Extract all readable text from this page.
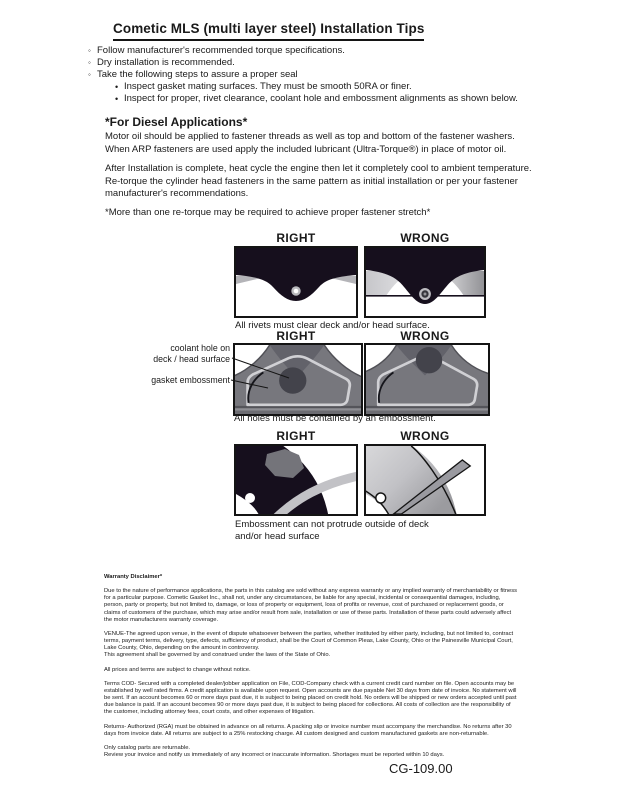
Cometic MLS (multi layer steel) Installation Tips
◦ Follow manufacturer's recommended torque specifications.
◦ Dry installation is recommended.
◦ Take the following steps to assure a proper seal
• Inspect gasket mating surfaces. They must be smooth 50RA or finer.
• Inspect for proper, rivet clearance, coolant hole and embossment alignments as shown below.
*For Diesel Applications*
Motor oil should be applied to fastener threads as well as top and bottom of the fastener washers. When ARP fasteners are used apply the included lubricant (Ultra-Torque®) in place of motor oil.
After Installation is complete, heat cycle the engine then let it completely cool to ambient temperature. Re-torque the cylinder head fasteners in the same pattern as initial installation or per your fastener manufacturer's recommendations.
*More than one re-torque may be required to achieve proper fastener stretch*
RIGHT	WRONG
All rivets must clear deck and/or head surface.
RIGHT	WRONG
coolant hole on
deck / head surface
gasket embossment
All holes must be contained by an embossment.
RIGHT	WRONG
Embossment can not protrude outside of deck
and/or head surface

Warranty Disclaimer*

Due to the nature of performance applications, the parts in this catalog are sold without any express warranty or any implied warranty of merchantability or fitness for a particular purpose. Cometic Gasket Inc., shall not, under any circumstances, be liable for any special, incidental or consequential damages, including, person, party or property, but not limited to, damage, or loss of property or equipment, loss of profits or revenue, cost of purchased or replacement goods, or claims of customers of the purchase, which may arise and/or result from sale, installation or use of these parts. Installation of these parts could adversely affect the motor manufacturers warranty coverage.

VENUE-The agreed upon venue, in the event of dispute whatsoever between the parties, whether instituted by either party, including, but not limited to, contract terms, payment terms, delivery, type, defects, sufficiency of product, shall be the Court of Common Pleas, Lake County, Ohio or the Painesville Municipal Court, Lake County, Ohio, depending on the amount in controversy.
This agreement shall be governed by and construed under the laws of the State of Ohio.

All prices and terms are subject to change without notice.

Terms COD- Secured with a completed dealer/jobber application on File, COD-Company check with a current credit card number on file. Open accounts may be established by well rated firms. A credit application is available upon request. Open accounts are due payable Net 30 days from date of invoice. No statement will be sent. If an account becomes 60 or more days past due, it is subject to being placed on credit hold. No orders will be shipped or new orders accepted until past due balance is paid. If an account becomes 90 or more days past due, it is subject to being placed for collections. All costs of collection are the responsibility of the customer, including attorney fees, court costs, and other expenses of litigation.

Returns- Authorized (RGA) must be obtained in advance on all returns. A packing slip or invoice number must accompany the merchandise. No returns after 30 days from invoice date. All returns are subject to a 25% restocking charge. All custom designed and custom manufactured gaskets are non-returnable.

Only catalog parts are returnable.
Review your invoice and notify us immediately of any incorrect or inaccurate information. Shortages must be reported within 10 days.

CG-109.00
